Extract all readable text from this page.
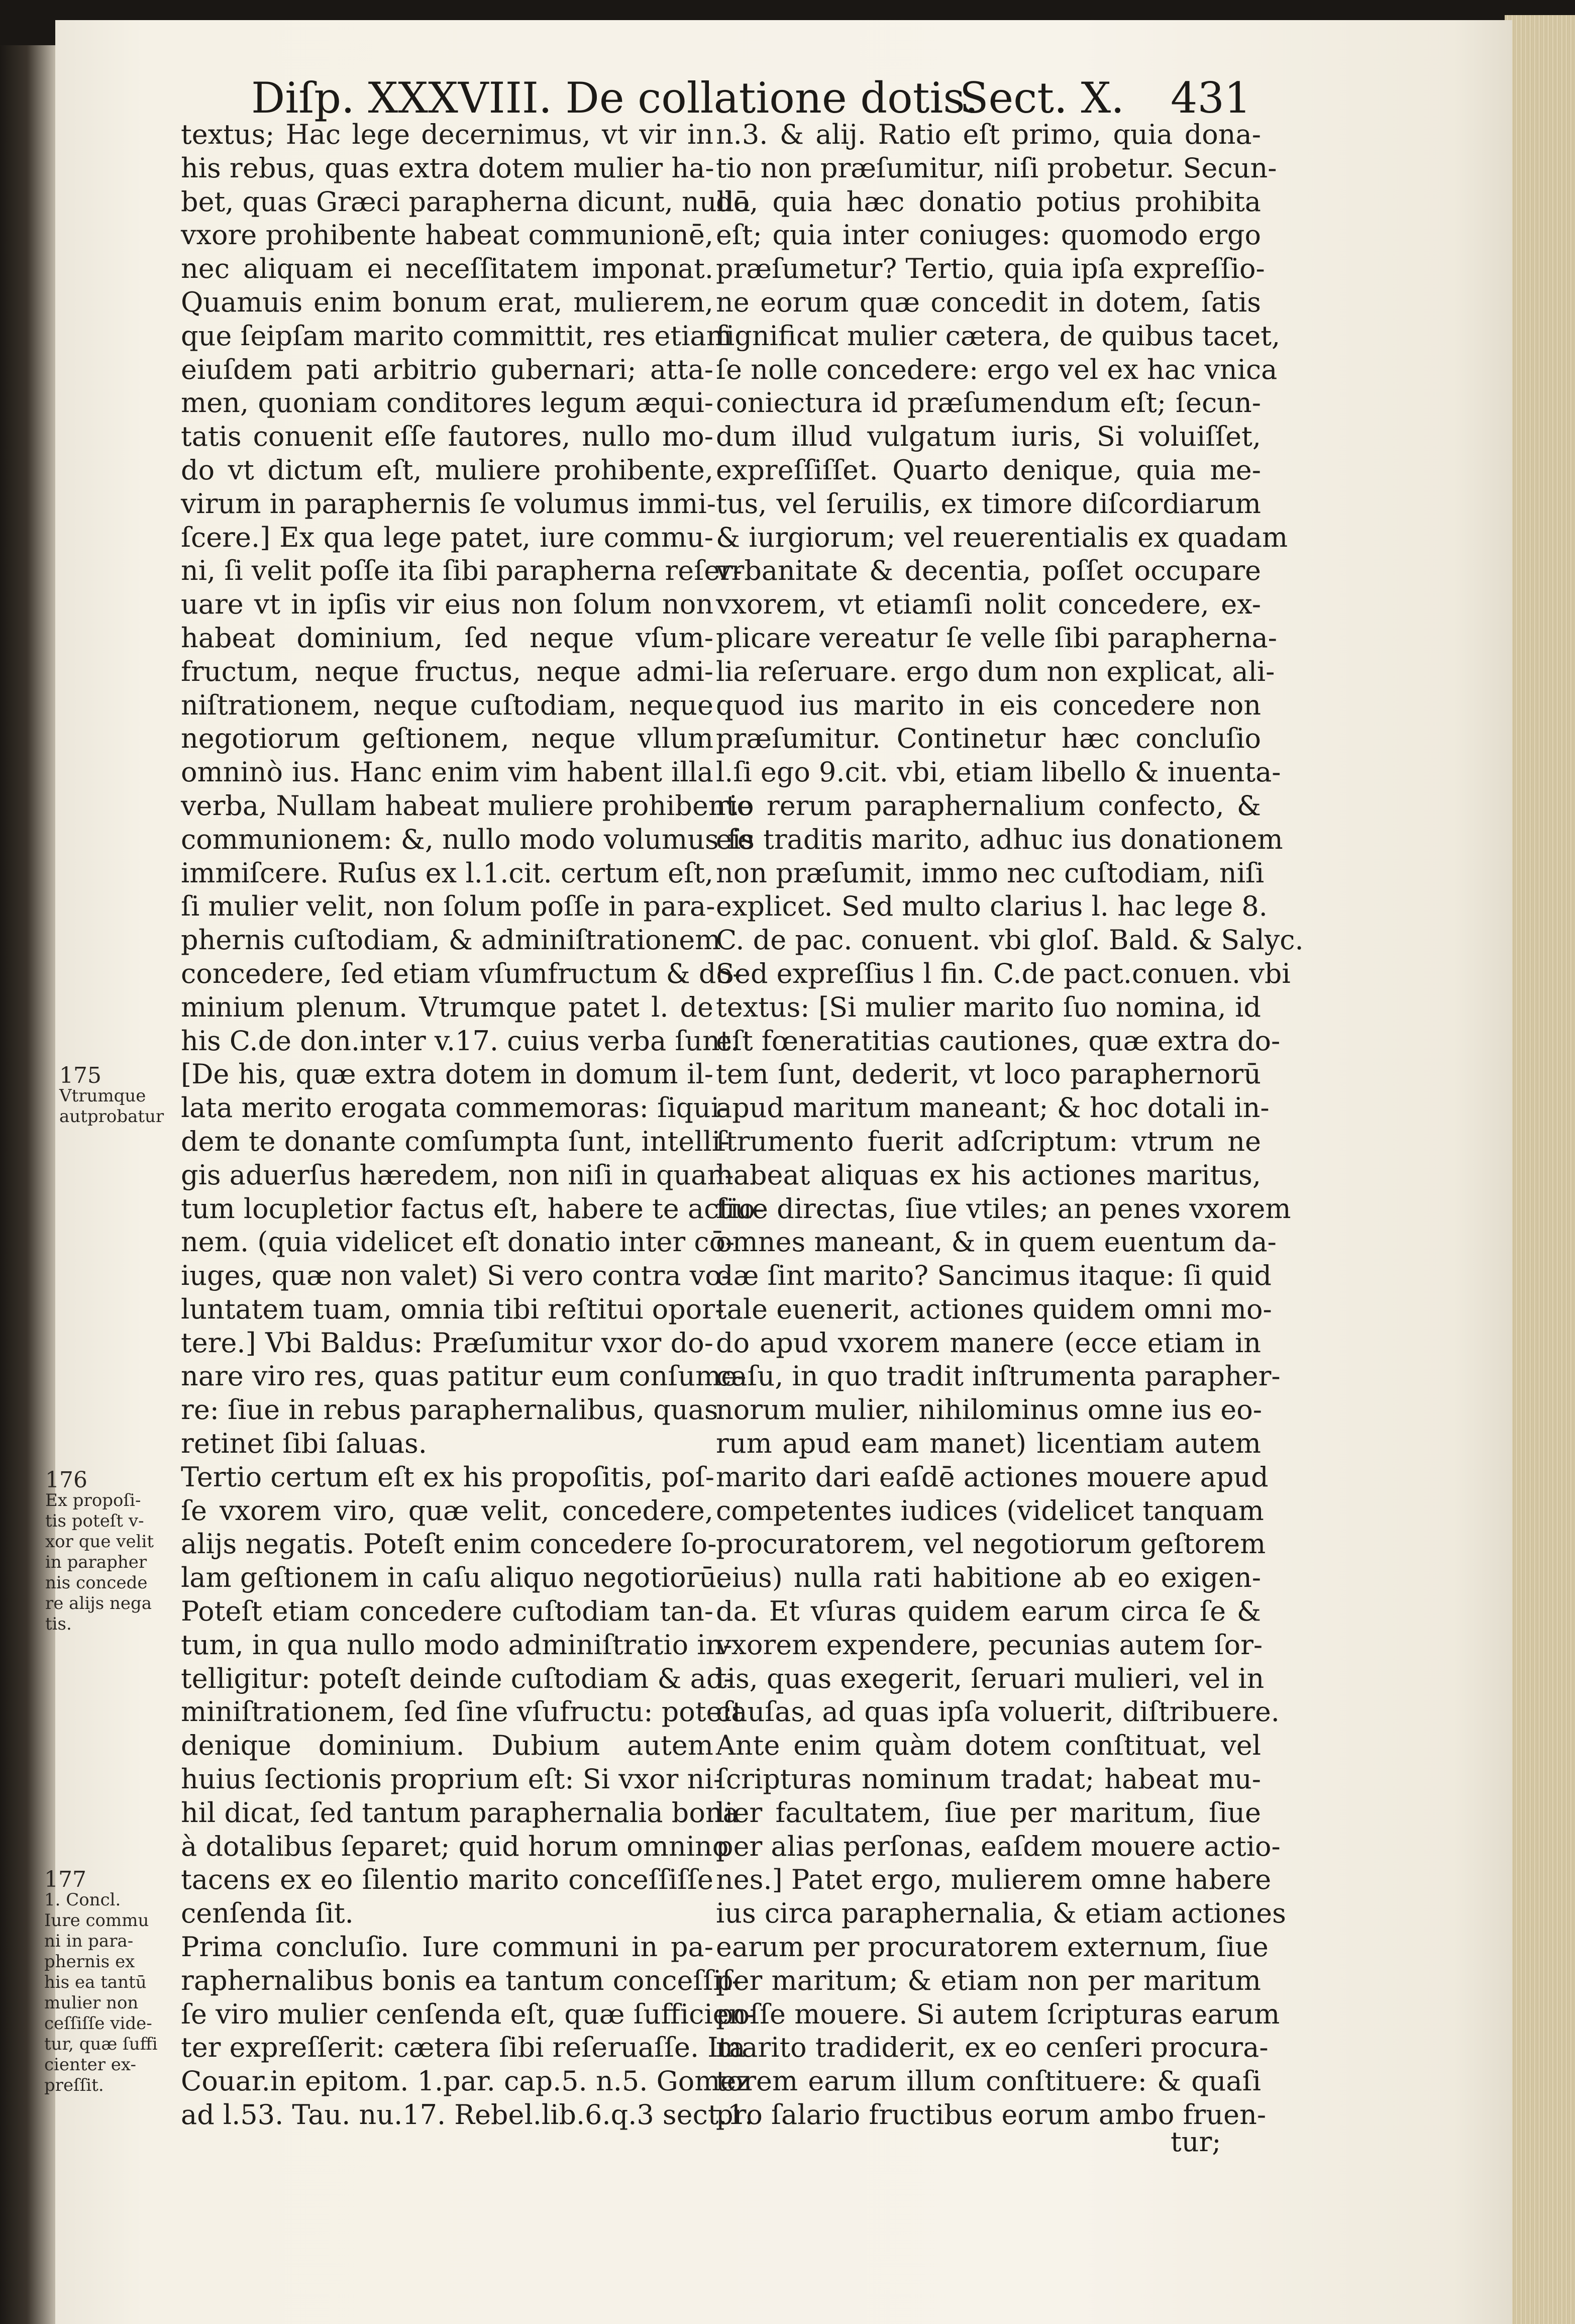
Diſp. XXXVIII. De collatione dotis.
Sect. X. 431
textus; Hac lege decernimus, vt vir in
his rebus, quas extra dotem mulier ha-
bet, quas Græci parapherna dicunt, nullā
vxore prohibente habeat communionē,
nec aliquam ei neceſſitatem imponat.
Quamuis enim bonum erat, mulierem,
que ſeipſam marito committit, res etiam
eiuſdem pati arbitrio gubernari; atta-
men, quoniam conditores legum æqui-
tatis conuenit eſſe fautores, nullo mo-
do vt dictum eſt, muliere prohibente,
virum in paraphernis ſe volumus immi-
ſcere.] Ex qua lege patet, iure commu-
ni, ſi velit poſſe ita ſibi parapherna reſer-
uare vt in ipſis vir eius non ſolum non
habeat dominium, ſed neque vſum-
fructum, neque fructus, neque admi-
niſtrationem, neque cuſtodiam, neque
negotiorum geſtionem, neque vllum
omninò ius. Hanc enim vim habent illa
verba, Nullam habeat muliere prohibente
communionem: &, nullo modo volumus ſe
immiſcere. Ruſus ex l.1.cit. certum eſt,
ſi mulier velit, non ſolum poſſe in para-
phernis cuſtodiam, & adminiſtrationem
concedere, ſed etiam vſumfructum & do-
minium plenum. Vtrumque patet l. de
his C.de don.inter v.17. cuius verba ſunt.
[De his, quæ extra dotem in domum il-
lata merito erogata commemoras: ſiqui-
dem te donante comſumpta ſunt, intelli-
gis aduerſus hæredem, non niſi in quan-
tum locupletior factus eſt, habere te actio-
nem. (quia videlicet eſt donatio inter cō-
iuges, quæ non valet) Si vero contra vo-
luntatem tuam, omnia tibi reſtitui opor-
tere.] Vbi Baldus: Præſumitur vxor do-
nare viro res, quas patitur eum conſume-
re: ſiue in rebus paraphernalibus, quas
retinet ſibi ſaluas.
Tertio certum eſt ex his propoſitis, poſ-
ſe vxorem viro, quæ velit, concedere,
alijs negatis. Poteſt enim concedere ſo-
lam geſtionem in caſu aliquo negotiorū.
Poteſt etiam concedere cuſtodiam tan-
tum, in qua nullo modo adminiſtratio in-
telligitur: poteſt deinde cuſtodiam & ad-
miniſtrationem, ſed ſine vſufructu: poteſt
denique dominium. Dubium autem
huius ſectionis proprium eſt: Si vxor ni-
hil dicat, ſed tantum paraphernalia bona
à dotalibus ſeparet; quid horum omnino
tacens ex eo ſilentio marito conceſſiſſe
cenſenda ſit.
Prima concluſio. Iure communi in pa-
raphernalibus bonis ea tantum conceſſiſ-
ſe viro mulier cenſenda eſt, quæ ſufficien-
ter expreſſerit: cætera ſibi reſeruaſſe. Ita
Couar.in epitom. 1.par. cap.5. n.5. Gomez
ad l.53. Tau. nu.17. Rebel.lib.6.q.3 sect.1.
n.3. & alij. Ratio eſt primo, quia dona-
tio non præſumitur, niſi probetur. Secun-
do, quia hæc donatio potius prohibita
eſt; quia inter coniuges: quomodo ergo
præſumetur? Tertio, quia ipſa expreſſio-
ne eorum quæ concedit in dotem, ſatis
ſignificat mulier cætera, de quibus tacet,
ſe nolle concedere: ergo vel ex hac vnica
coniectura id præſumendum eſt; ſecun-
dum illud vulgatum iuris, Si voluiſſet,
expreſſiſſet. Quarto denique, quia me-
tus, vel ſeruilis, ex timore diſcordiarum
& iurgiorum; vel reuerentialis ex quadam
vrbanitate & decentia, poſſet occupare
vxorem, vt etiamſi nolit concedere, ex-
plicare vereatur ſe velle ſibi paraphernа-
lia reſeruare. ergo dum non explicat, ali-
quod ius marito in eis concedere non
præſumitur. Continetur hæc concluſio
l.ſi ego 9.cit. vbi, etiam libello & inuenta-
rio rerum paraphernalium confecto, &
eis traditis marito, adhuc ius donationem
non præſumit, immo nec cuſtodiam, niſi
explicet. Sed multo clarius l. hac lege 8.
C. de pac. conuent. vbi gloſ. Bald. & Salyc.
Sed expreſſius l fin. C.de pact.conuen. vbi
textus: [Si mulier marito ſuo nomina, id
eſt fœneratitias cautiones, quæ extra do-
tem ſunt, dederit, vt loco paraphernorū
apud maritum maneant; & hoc dotali in-
ſtrumento fuerit adſcriptum: vtrum ne
habeat aliquas ex his actiones maritus,
ſiue directas, ſiue vtiles; an penes vxorem
omnes maneant, & in quem euentum da-
dæ ſint marito? Sancimus itaque: ſi quid
tale euenerit, actiones quidem omni mo-
do apud vxorem manere (ecce etiam in
caſu, in quo tradit inſtrumenta parapher-
norum mulier, nihilominus omne ius eo-
rum apud eam manet) licentiam autem
marito dari eaſdē actiones mouere apud
competentes iudices (videlicet tanquam
procuratorem, vel negotiorum geſtorem
eius) nulla rati habitione ab eo exigen-
da. Et vſuras quidem earum circa ſe &
vxorem expendere, pecunias autem ſor-
tis, quas exegerit, ſeruari mulieri, vel in
cauſas, ad quas ipſa voluerit, diſtribuere.
Ante enim quàm dotem conſtituat, vel
ſcripturas nominum tradat; habeat mu-
lier facultatem, ſiue per maritum, ſiue
per alias perſonas, eaſdem mouere actio-
nes.] Patet ergo, mulierem omne habere
ius circa paraphernalia, & etiam actiones
earum per procuratorem externum, ſiue
per maritum; & etiam non per maritum
poſſe mouere. Si autem ſcripturas earum
marito tradiderit, ex eo cenſeri procura-
torem earum illum conſtituere: & quaſi
pro ſalario fructibus eorum ambo fruen-
tur;
175
Vtrumque
autprobatur
176
Ex propoſi-
tis poteſt v-
xor que velit
in parapher
nis concede
re alijs nega
tis.
177
1. Concl.
Iure commu
ni in para-
phernis ex
his ea tantū
mulier non
ceſſiſſe vide-
tur, quæ ſuffi
cienter ex-
preſſit.
